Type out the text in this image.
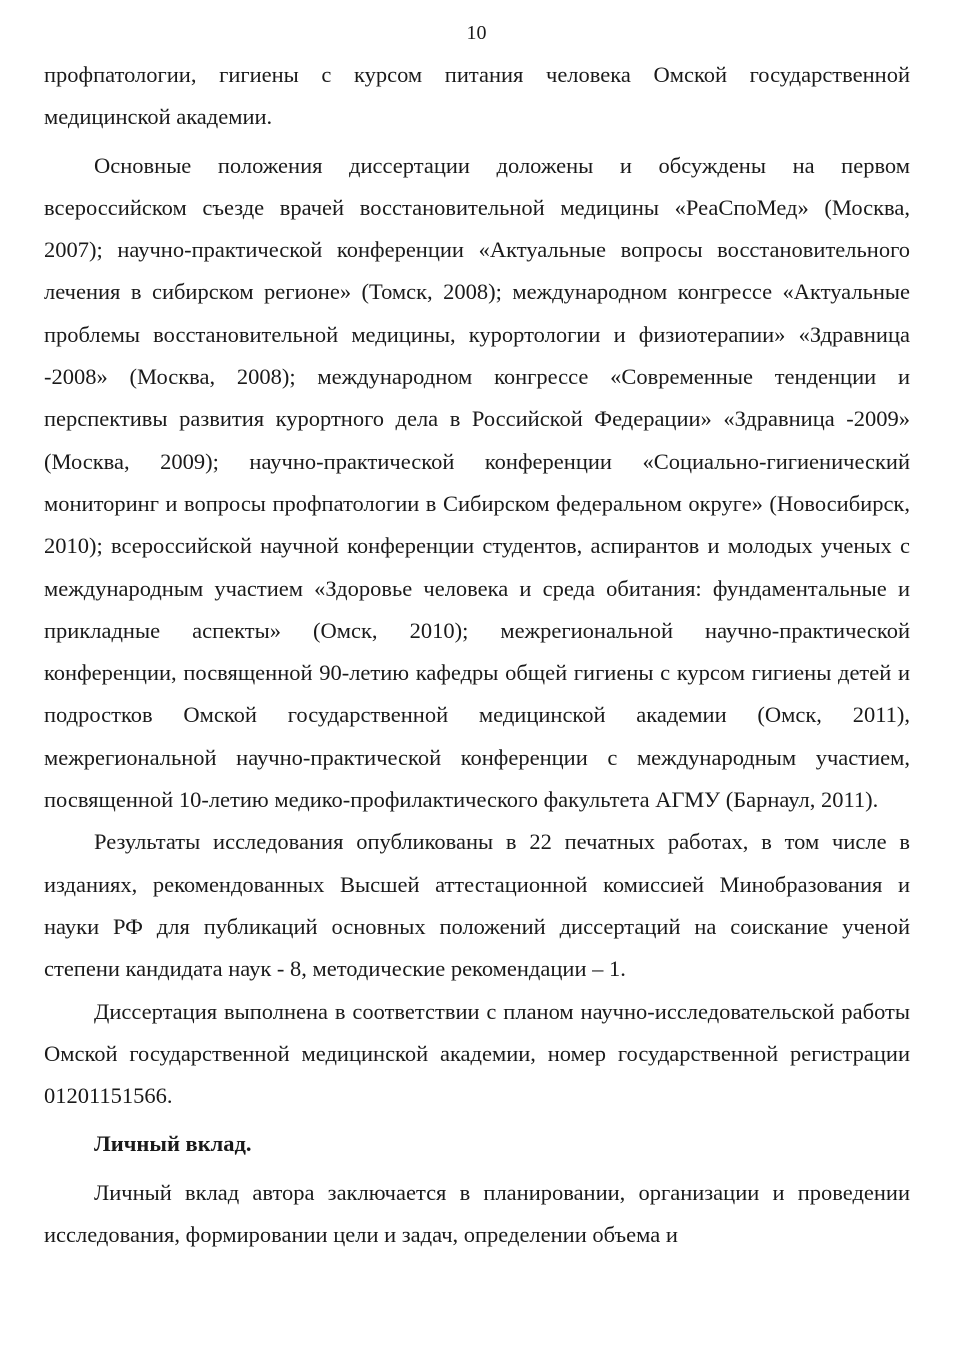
10

профпатологии, гигиены с курсом питания человека Омской государственной медицинской академии.

Основные положения диссертации доложены и обсуждены на первом всероссийском съезде врачей восстановительной медицины «РеаСпоМед» (Москва, 2007); научно-практической конференции «Актуальные вопросы восстановительного лечения в сибирском регионе» (Томск, 2008); международном конгрессе «Актуальные проблемы восстановительной медицины, курортологии и физиотерапии» «Здравница -2008» (Москва, 2008); международном конгрессе «Современные тенденции и перспективы развития курортного дела в Российской Федерации» «Здравница -2009» (Москва, 2009); научно-практической конференции «Социально-гигиенический мониторинг и вопросы профпатологии в Сибирском федеральном округе» (Новосибирск, 2010); всероссийской научной конференции студентов, аспирантов и молодых ученых с международным участием «Здоровье человека и среда обитания: фундаментальные и прикладные аспекты» (Омск, 2010); межрегиональной научно-практической конференции, посвященной 90-летию кафедры общей гигиены с курсом гигиены детей и подростков Омской государственной медицинской академии (Омск, 2011), межрегиональной научно-практической конференции с международным участием, посвященной 10-летию медико-профилактического факультета АГМУ (Барнаул, 2011).

Результаты исследования опубликованы в 22 печатных работах, в том числе в изданиях, рекомендованных Высшей аттестационной комиссией Минобразования и науки РФ для публикаций основных положений диссертаций на соискание ученой степени кандидата наук - 8, методические рекомендации – 1.

Диссертация выполнена в соответствии с планом научно-исследовательской работы Омской государственной медицинской академии, номер государственной регистрации 01201151566.

Личный вклад.

Личный вклад автора заключается в планировании, организации и проведении исследования, формировании цели и задач, определении объема и
